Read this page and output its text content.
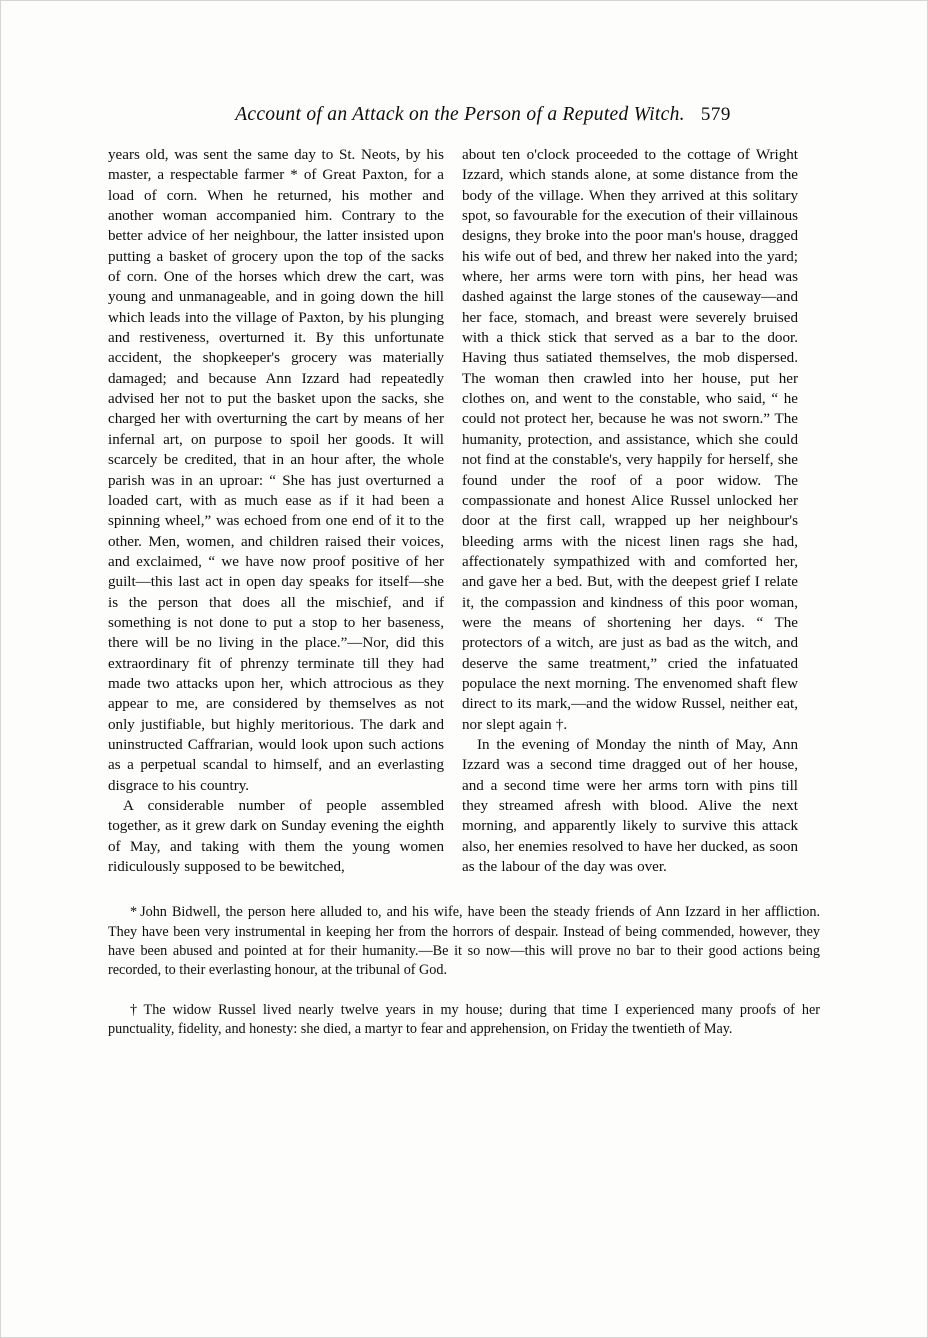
Account of an Attack on the Person of a Reputed Witch. 579

years old, was sent the same day to St. Neots, by his master, a respectable farmer * of Great Paxton, for a load of corn. When he returned, his mother and another woman accompanied him. Contrary to the better advice of her neighbour, the latter insisted upon putting a basket of grocery upon the top of the sacks of corn. One of the horses which drew the cart, was young and unmanageable, and in going down the hill which leads into the village of Paxton, by his plunging and restiveness, overturned it. By this unfortunate accident, the shopkeeper's grocery was materially damaged; and because Ann Izzard had repeatedly advised her not to put the basket upon the sacks, she charged her with overturning the cart by means of her infernal art, on purpose to spoil her goods. It will scarcely be credited, that in an hour after, the whole parish was in an uproar: “ She has just overturned a loaded cart, with as much ease as if it had been a spinning wheel,” was echoed from one end of it to the other. Men, women, and children raised their voices, and exclaimed, “ we have now proof positive of her guilt—this last act in open day speaks for itself—she is the person that does all the mischief, and if something is not done to put a stop to her baseness, there will be no living in the place.”—Nor, did this extraordinary fit of phrenzy terminate till they had made two attacks upon her, which attrocious as they appear to me, are considered by themselves as not only justifiable, but highly meritorious. The dark and uninstructed Caffrarian, would look upon such actions as a perpetual scandal to himself, and an everlasting disgrace to his country.

A considerable number of people assembled together, as it grew dark on Sunday evening the eighth of May, and taking with them the young women ridiculously supposed to be bewitched,

about ten o'clock proceeded to the cottage of Wright Izzard, which stands alone, at some distance from the body of the village. When they arrived at this solitary spot, so favourable for the execution of their villainous designs, they broke into the poor man's house, dragged his wife out of bed, and threw her naked into the yard; where, her arms were torn with pins, her head was dashed against the large stones of the causeway—and her face, stomach, and breast were severely bruised with a thick stick that served as a bar to the door. Having thus satiated themselves, the mob dispersed. The woman then crawled into her house, put her clothes on, and went to the constable, who said, “ he could not protect her, because he was not sworn.” The humanity, protection, and assistance, which she could not find at the constable's, very happily for herself, she found under the roof of a poor widow. The compassionate and honest Alice Russel unlocked her door at the first call, wrapped up her neighbour's bleeding arms with the nicest linen rags she had, affectionately sympathized with and comforted her, and gave her a bed. But, with the deepest grief I relate it, the compassion and kindness of this poor woman, were the means of shortening her days. “ The protectors of a witch, are just as bad as the witch, and deserve the same treatment,” cried the infatuated populace the next morning. The envenomed shaft flew direct to its mark,—and the widow Russel, neither eat, nor slept again †.

In the evening of Monday the ninth of May, Ann Izzard was a second time dragged out of her house, and a second time were her arms torn with pins till they streamed afresh with blood. Alive the next morning, and apparently likely to survive this attack also, her enemies resolved to have her ducked, as soon as the labour of the day was over.

* John Bidwell, the person here alluded to, and his wife, have been the steady friends of Ann Izzard in her affliction. They have been very instrumental in keeping her from the horrors of despair. Instead of being commended, however, they have been abused and pointed at for their humanity.—Be it so now—this will prove no bar to their good actions being recorded, to their everlasting honour, at the tribunal of God.

† The widow Russel lived nearly twelve years in my house; during that time I experienced many proofs of her punctuality, fidelity, and honesty: she died, a martyr to fear and apprehension, on Friday the twentieth of May.
